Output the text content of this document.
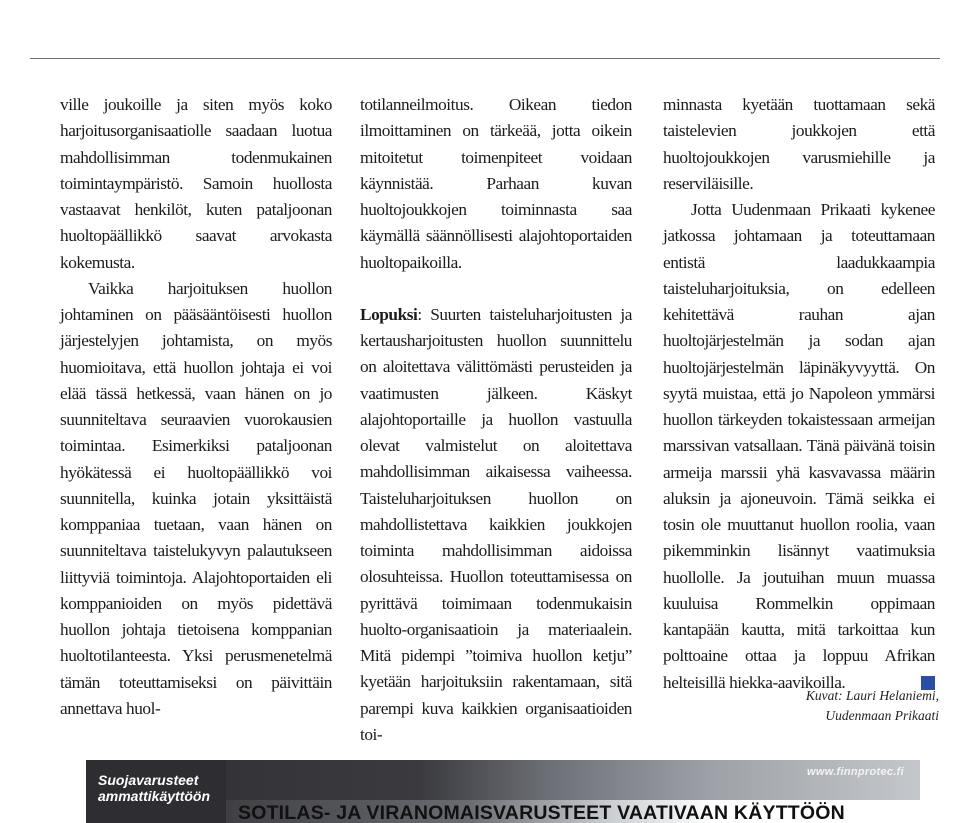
ville joukoille ja siten myös koko harjoitusorganisaatiolle saadaan luotua mahdollisimman todenmukainen toimintaympäristö. Samoin huollosta vastaavat henkilöt, kuten pataljoonan huoltopäällikkö saavat arvokasta kokemusta.

Vaikka harjoituksen huollon johtaminen on pääsääntöisesti huollon järjestelyjen johtamista, on myös huomioitava, että huollon johtaja ei voi elää tässä hetkessä, vaan hänen on jo suunniteltava seuraavien vuorokausien toimintaa. Esimerkiksi pataljoonan hyökätessä ei huoltopäällikkö voi suunnitella, kuinka jotain yksittäistä komppaniaa tuetaan, vaan hänen on suunniteltava taistelukyvyn palautukseen liittyviä toimintoja. Alajohtoportaiden eli komppanioiden on myös pidettävä huollon johtaja tietoisena komppanian huoltotilanteesta. Yksi perusmenetelmä tämän toteuttamiseksi on päivittäin annettava huol-

totilanneilmoitus. Oikean tiedon ilmoittaminen on tärkeää, jotta oikein mitoitetut toimenpiteet voidaan käynnistää. Parhaan kuvan huoltojoukkojen toiminnasta saa käymällä säännöllisesti alajohtoportaiden huoltopaikoilla.

Lopuksi: Suurten taisteluharjoitusten ja kertausharjoitusten huollon suunnittelu on aloitettava välittömästi perusteiden ja vaatimusten jälkeen. Käskyt alajohtoportaille ja huollon vastuulla olevat valmistelut on aloitettava mahdollisimman aikaisessa vaiheessa. Taisteluharjoituksen huollon on mahdollistettava kaikkien joukkojen toiminta mahdollisimman aidoissa olosuhteissa. Huollon toteuttamisessa on pyrittävä toimimaan todenmukaisin huolto-organisaatioin ja materiaalein. Mitä pidempi ”toimiva huollon ketju” kyetään harjoituksiin rakentamaan, sitä parempi kuva kaikkien organisaatioiden toi-

minnasta kyetään tuottamaan sekä taistelevien joukkojen että huoltojoukkojen varusmiehille ja reserviläisille.

Jotta Uudenmaan Prikaati kykenee jatkossa johtamaan ja toteuttamaan entistä laadukkaampia taisteluharjoituksia, on edelleen kehitettävä rauhan ajan huoltojärjestelmän ja sodan ajan huoltojärjestelmän läpinäkyvyyttä. On syytä muistaa, että jo Napoleon ymmärsi huollon tärkeyden tokaistessaan armeijan marssivan vatsallaan. Tänä päivänä toisin armeija marssii yhä kasvavassa määrin aluksin ja ajoneuvoin. Tämä seikka ei tosin ole muuttanut huollon roolia, vaan pikemminkin lisännyt vaatimuksia huollolle. Ja joutuihan muun muassa kuuluisa Rommelkin oppimaan kantapään kautta, mitä tarkoittaa kun polttoaine ottaa ja loppuu Afrikan helteisillä hiekka-aavikoilla.

Kuvat: Lauri Helaniemi,
Uudenmaan Prikaati
Suojavarusteet
ammattikäyttöön
www.finnprotec.fi
SOTILAS- JA VIRANOMAISVARUSTEET VAATIVAAN KÄYTTÖÖN
